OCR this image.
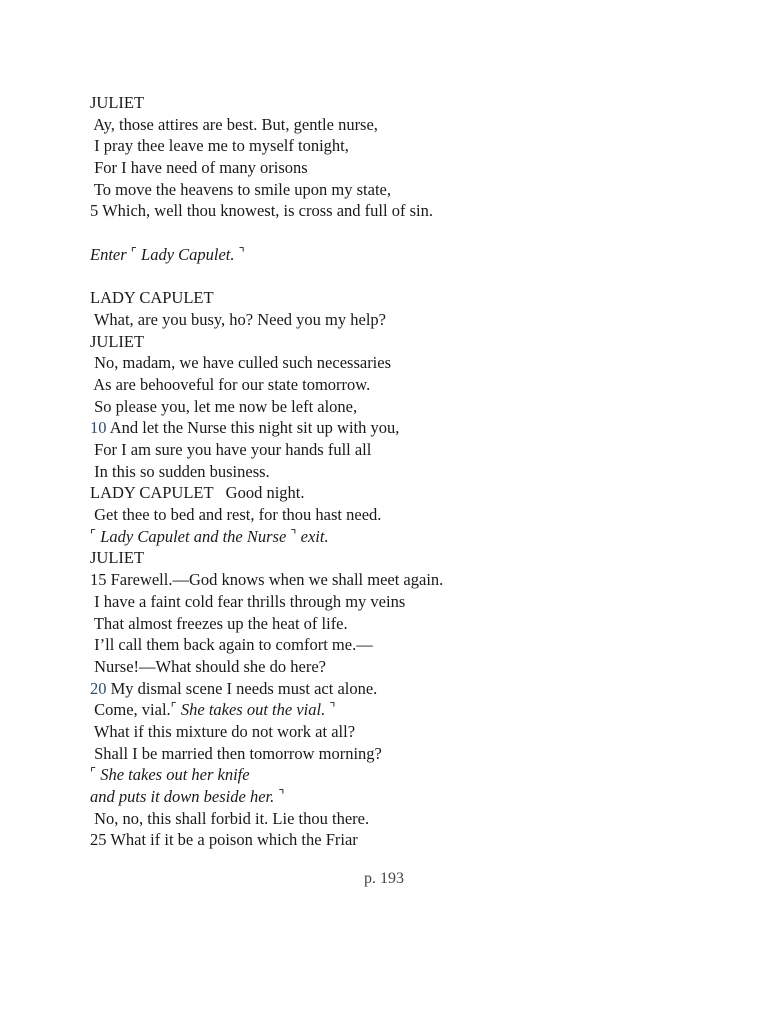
JULIET
Ay, those attires are best. But, gentle nurse,
I pray thee leave me to myself tonight,
For I have need of many orisons
To move the heavens to smile upon my state,
5 Which, well thou knowest, is cross and full of sin.
Enter ⌜ Lady Capulet. ⌝
LADY CAPULET
What, are you busy, ho? Need you my help?
JULIET
No, madam, we have culled such necessaries
As are behooveful for our state tomorrow.
So please you, let me now be left alone,
10 And let the Nurse this night sit up with you,
For I am sure you have your hands full all
In this so sudden business.
LADY CAPULET   Good night.
Get thee to bed and rest, for thou hast need.
⌜ Lady Capulet and the Nurse ⌝ exit.
JULIET
15 Farewell.—God knows when we shall meet again.
I have a faint cold fear thrills through my veins
That almost freezes up the heat of life.
I’ll call them back again to comfort me.—
Nurse!—What should she do here?
20 My dismal scene I needs must act alone.
Come, vial.⌜ She takes out the vial. ⌝
What if this mixture do not work at all?
Shall I be married then tomorrow morning?
⌜ She takes out her knife
and puts it down beside her. ⌝
No, no, this shall forbid it. Lie thou there.
25 What if it be a poison which the Friar
p. 193
